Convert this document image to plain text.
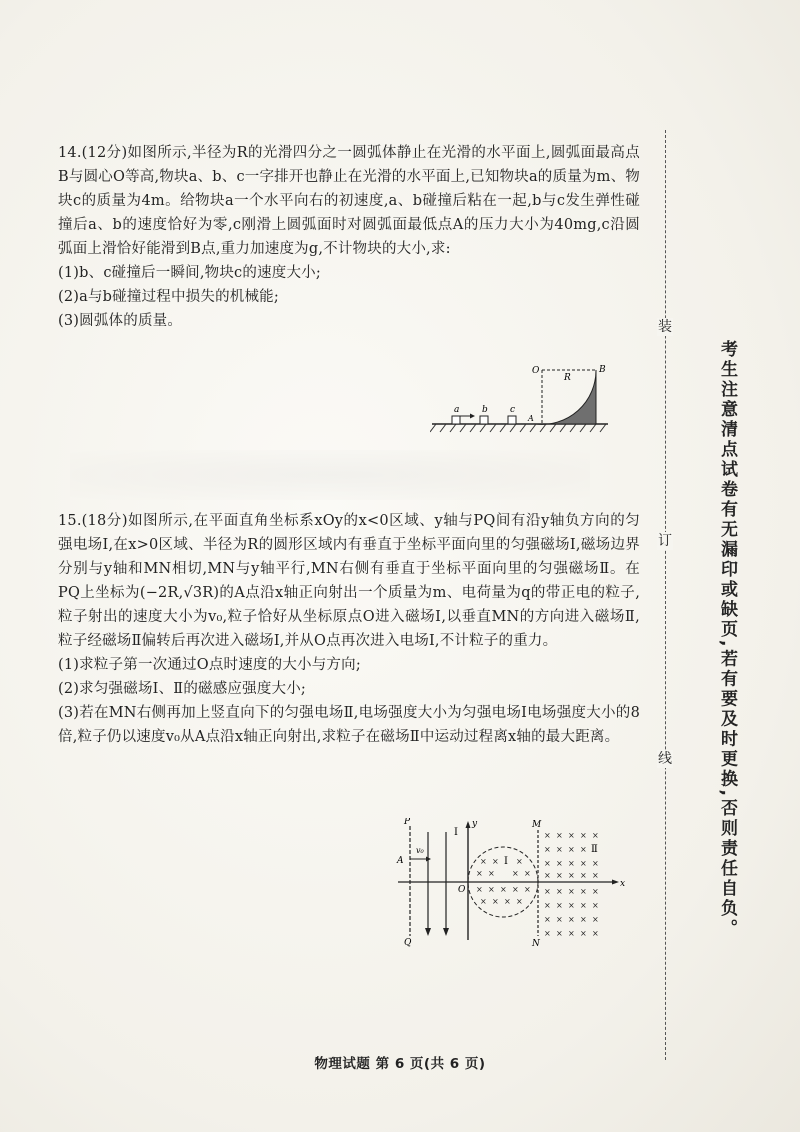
14.(12分)如图所示,半径为R的光滑四分之一圆弧体静止在光滑的水平面上,圆弧面最高点B与圆心O等高,物块a、b、c一字排开也静止在光滑的水平面上,已知物块a的质量为m、物块c的质量为4m。给物块a一个水平向右的初速度,a、b碰撞后粘在一起,b与c发生弹性碰撞后a、b的速度恰好为零,c刚滑上圆弧面时对圆弧面最低点A的压力大小为40mg,c沿圆弧面上滑恰好能滑到B点,重力加速度为g,不计物块的大小,求:

(1)b、c碰撞后一瞬间,物块c的速度大小;

(2)a与b碰撞过程中损失的机械能;

(3)圆弧体的质量。

a	b c
O
R
B
A

15.(18分)如图所示,在平面直角坐标系xOy的x<0区域、y轴与PQ间有沿y轴负方向的匀强电场Ⅰ,在x>0区域、半径为R的圆形区域内有垂直于坐标平面向里的匀强磁场Ⅰ,磁场边界分别与y轴和MN相切,MN与y轴平行,MN右侧有垂直于坐标平面向里的匀强磁场Ⅱ。在PQ上坐标为(−2R,√3R)的A点沿x轴正向射出一个质量为m、电荷量为q的带正电的粒子,粒子射出的速度大小为v₀,粒子恰好从坐标原点O进入磁场Ⅰ,以垂直MN的方向进入磁场Ⅱ,粒子经磁场Ⅱ偏转后再次进入磁场Ⅰ,并从O点再次进入电场Ⅰ,不计粒子的重力。

(1)求粒子第一次通过O点时速度的大小与方向;

(2)求匀强磁场Ⅰ、Ⅱ的磁感应强度大小;

(3)若在MN右侧再加上竖直向下的匀强电场Ⅱ,电场强度大小为匀强电场Ⅰ电场强度大小的8倍,粒子仍以速度v₀从A点沿x轴正向射出,求粒子在磁场Ⅱ中运动过程离x轴的最大距离。

P
Q
A
v₀
Ⅰ
y
x
O
× × ×
× × × ×
× × × × ×
× × × ×
Ⅰ
M
N
× × × × ×
× × × ×
× × × × ×
× × × × ×
× × × × ×
× × × × ×
× × × × ×
× × × × ×
Ⅱ
物理试题 第 6 页(共 6 页)
装
订
线	考生注意清点试卷有无漏印或缺页,若有要及时更换,否则责任自负。
